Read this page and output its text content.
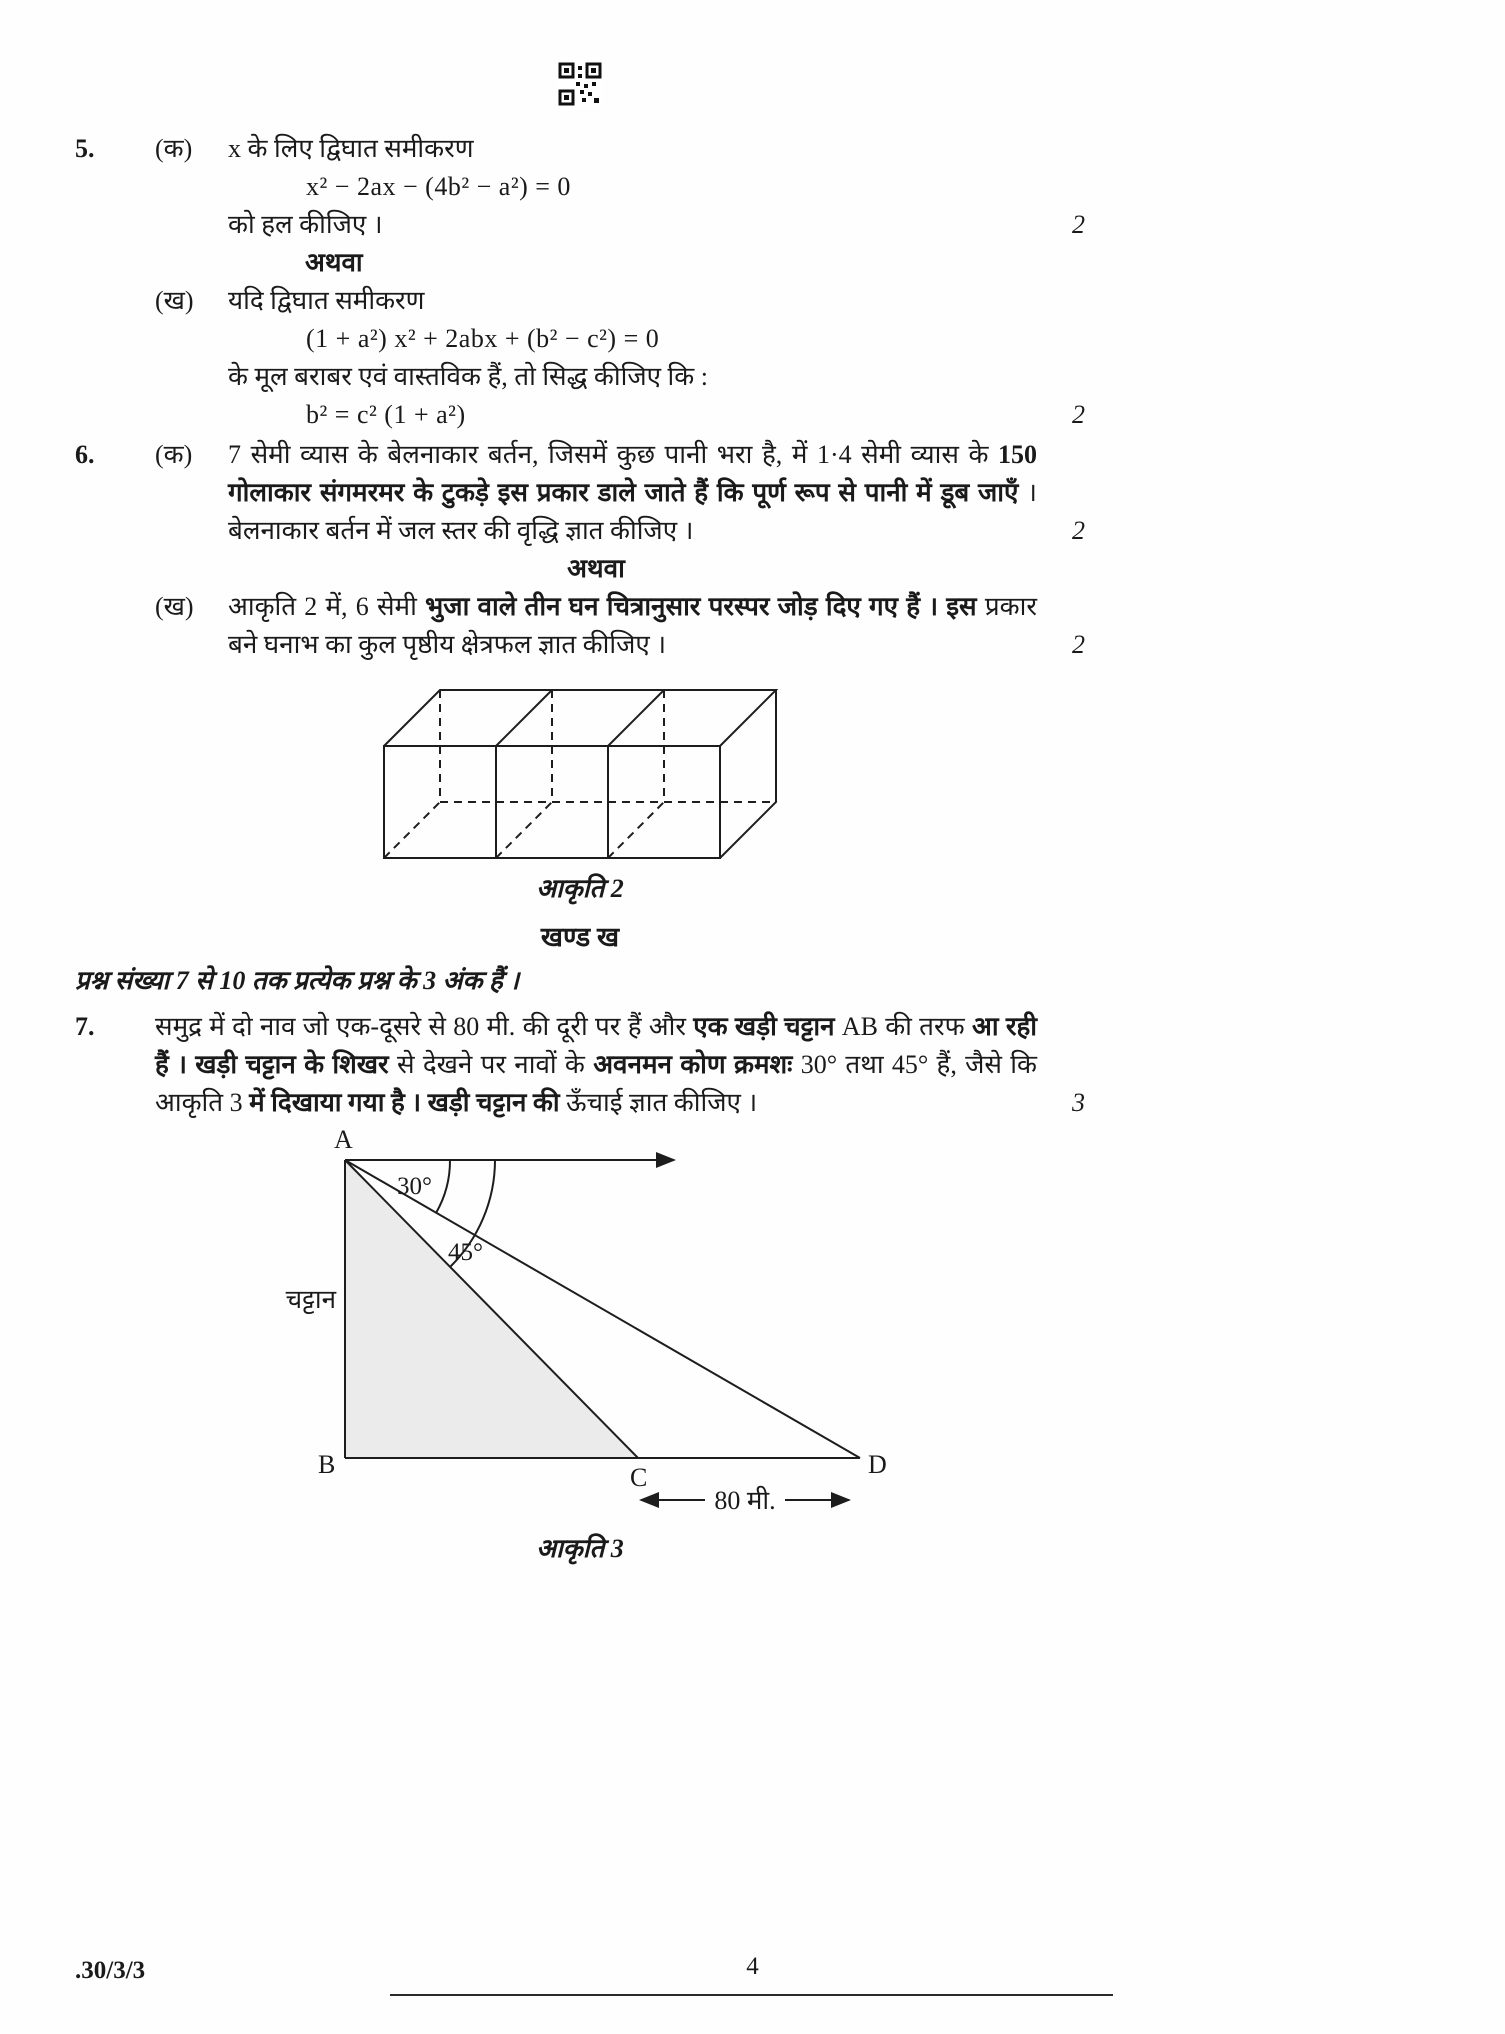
5.	(क)	x के लिए द्विघात समीकरण
x² − 2ax − (4b² − a²) = 0
को हल कीजिए ।	2
अथवा
(ख)	यदि द्विघात समीकरण
(1 + a²) x² + 2abx + (b² − c²) = 0
के मूल बराबर एवं वास्तविक हैं, तो सिद्ध कीजिए कि :
b² = c² (1 + a²)	2
6.	(क)	7 सेमी व्यास के बेलनाकार बर्तन, जिसमें कुछ पानी भरा है, में 1·4 सेमी व्यास के 150 गोलाकार संगमरमर के टुकड़े इस प्रकार डाले जाते हैं कि पूर्ण रूप से पानी में डूब जाएँ । बेलनाकार बर्तन में जल स्तर की वृद्धि ज्ञात कीजिए ।	2
अथवा
(ख)	आकृति 2 में, 6 सेमी भुजा वाले तीन घन चित्रानुसार परस्पर जोड़ दिए गए हैं । इस प्रकार बने घनाभ का कुल पृष्ठीय क्षेत्रफल ज्ञात कीजिए ।	2
आकृति 2
खण्ड ख
प्रश्न संख्या 7 से 10 तक प्रत्येक प्रश्न के 3 अंक हैं ।
7.	समुद्र में दो नाव जो एक-दूसरे से 80 मी. की दूरी पर हैं और एक खड़ी चट्टान AB की तरफ आ रही हैं । खड़ी चट्टान के शिखर से देखने पर नावों के अवनमन कोण क्रमशः 30° तथा 45° हैं, जैसे कि आकृति 3 में दिखाया गया है । खड़ी चट्टान की ऊँचाई ज्ञात कीजिए ।	3
A
B	C	D
30°
45°
चट्टान
80 मी.
आकृति 3
.30/3/3	4
